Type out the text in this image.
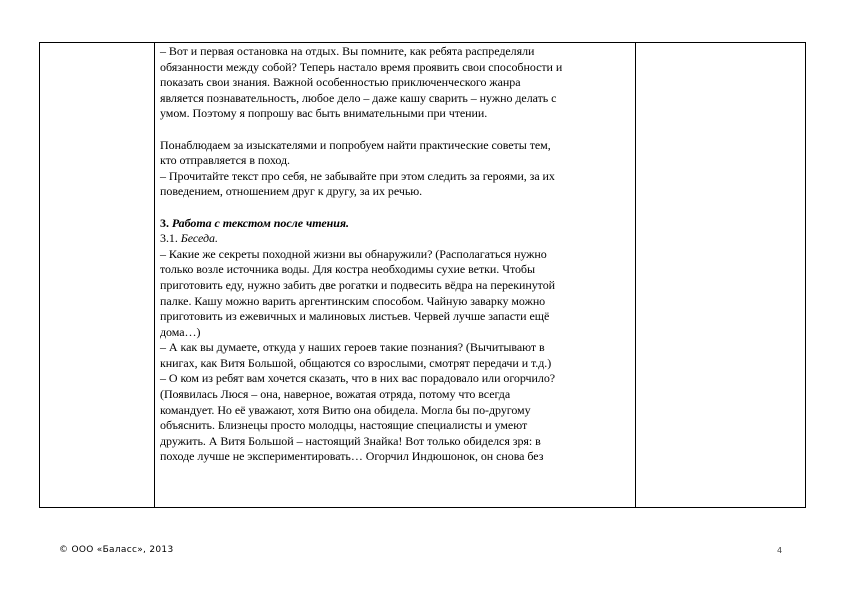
– Вот и первая остановка на отдых. Вы помните, как ребята распределяли
обязанности между собой? Теперь настало время проявить свои способности и
показать свои знания. Важной особенностью приключенческого жанра
является познавательность, любое дело – даже кашу сварить – нужно делать с
умом. Поэтому я попрошу вас быть внимательными при чтении.
Понаблюдаем за изыскателями и попробуем найти практические советы тем,
кто отправляется в поход.
– Прочитайте текст про себя, не забывайте при этом следить за героями, за их
поведением, отношением друг к другу, за их речью.
3. Работа с текстом после чтения.
3.1. Беседа.
– Какие же секреты походной жизни вы обнаружили? (Располагаться нужно
только возле источника воды. Для костра необходимы сухие ветки. Чтобы
приготовить еду, нужно забить две рогатки и подвесить вёдра на перекинутой
палке. Кашу можно варить аргентинским способом. Чайную заварку можно
приготовить из ежевичных и малиновых листьев. Червей лучше запасти ещё
дома…)
– А как вы думаете, откуда у наших героев такие познания? (Вычитывают в
книгах, как Витя Большой, общаются со взрослыми, смотрят передачи и т.д.)
– О ком из ребят вам хочется сказать, что в них вас порадовало или огорчило?
(Появилась Люся – она, наверное, вожатая отряда, потому что всегда
командует. Но её уважают, хотя Витю она обидела. Могла бы по-другому
объяснить. Близнецы просто молодцы, настоящие специалисты и умеют
дружить. А Витя Большой – настоящий Знайка! Вот только обиделся зря: в
походе лучше не экспериментировать… Огорчил Индюшонок, он снова без
© ООО «Баласс», 2013	4
